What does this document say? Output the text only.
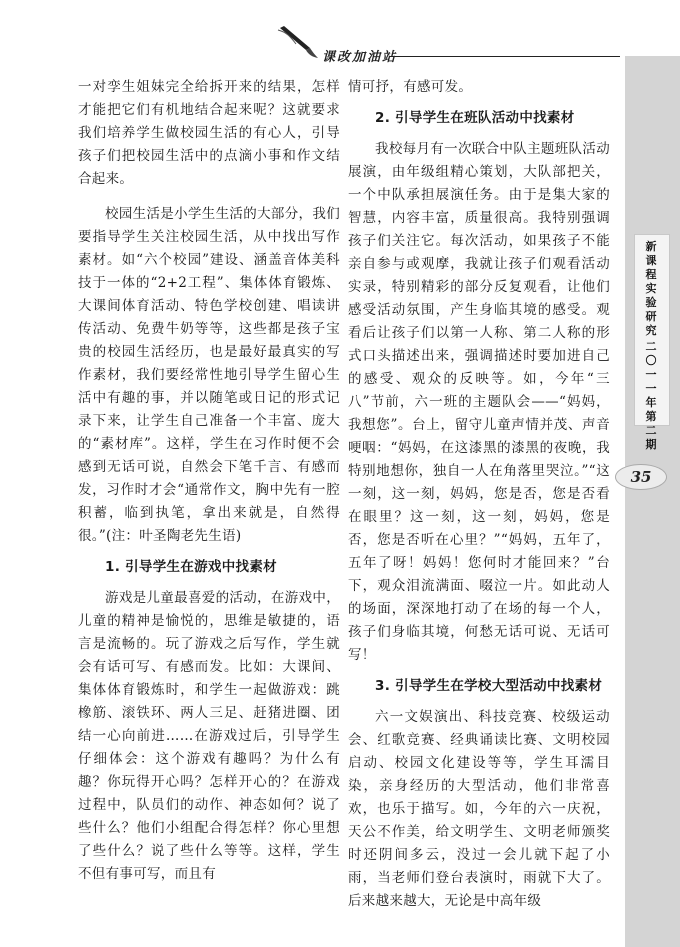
课改加油站
新
课
程
实
验
研
究
二
〇
一
一
年
第
二
期
35

一对孪生姐妹完全给拆开来的结果，怎样才能把它们有机地结合起来呢？这就要求我们培养学生做校园生活的有心人，引导孩子们把校园生活中的点滴小事和作文结合起来。

校园生活是小学生生活的大部分，我们要指导学生关注校园生活，从中找出写作素材。如“六个校园”建设、涵盖音体美科技于一体的“2+2工程”、集体体育锻炼、大课间体育活动、特色学校创建、唱读讲传活动、免费牛奶等等，这些都是孩子宝贵的校园生活经历，也是最好最真实的写作素材，我们要经常性地引导学生留心生活中有趣的事，并以随笔或日记的形式记录下来，让学生自己准备一个丰富、庞大的“素材库”。这样，学生在习作时便不会感到无话可说，自然会下笔千言、有感而发，习作时才会“通常作文，胸中先有一腔积蓄，临到执笔，拿出来就是，自然得很。”(注：叶圣陶老先生语)

1. 引导学生在游戏中找素材

游戏是儿童最喜爱的活动，在游戏中，儿童的精神是愉悦的，思维是敏捷的，语言是流畅的。玩了游戏之后写作，学生就会有话可写、有感而发。比如：大课间、集体体育锻炼时，和学生一起做游戏：跳橡筋、滚铁环、两人三足、赶猪进圈、团结一心向前进……在游戏过后，引导学生仔细体会：这个游戏有趣吗？为什么有趣？你玩得开心吗？怎样开心的？在游戏过程中，队员们的动作、神态如何？说了些什么？他们小组配合得怎样？你心里想了些什么？说了些什么等等。这样，学生不但有事可写，而且有

情可抒，有感可发。

2. 引导学生在班队活动中找素材

我校每月有一次联合中队主题班队活动展演，由年级组精心策划，大队部把关，一个中队承担展演任务。由于是集大家的智慧，内容丰富，质量很高。我特别强调孩子们关注它。每次活动，如果孩子不能亲自参与或观摩，我就让孩子们观看活动实录，特别精彩的部分反复观看，让他们感受活动氛围，产生身临其境的感受。观看后让孩子们以第一人称、第二人称的形式口头描述出来，强调描述时要加进自己的感受、观众的反映等。如，今年“三八”节前，六一班的主题队会——“妈妈，我想您”。台上，留守儿童声情并茂、声音哽咽：“妈妈，在这漆黑的漆黑的夜晚，我特别地想你，独自一人在角落里哭泣。”“这一刻，这一刻，妈妈，您是否，您是否看在眼里？这一刻，这一刻，妈妈，您是否，您是否听在心里？”“妈妈，五年了，五年了呀！妈妈！您何时才能回来？”台下，观众泪流满面、啜泣一片。如此动人的场面，深深地打动了在场的每一个人，孩子们身临其境，何愁无话可说、无话可写！

3. 引导学生在学校大型活动中找素材

六一文娱演出、科技竞赛、校级运动会、红歌竞赛、经典诵读比赛、文明校园启动、校园文化建设等等，学生耳濡目染，亲身经历的大型活动，他们非常喜欢，也乐于描写。如，今年的六一庆祝，天公不作美，给文明学生、文明老师颁奖时还阴间多云，没过一会儿就下起了小雨，当老师们登台表演时，雨就下大了。后来越来越大，无论是中高年级
